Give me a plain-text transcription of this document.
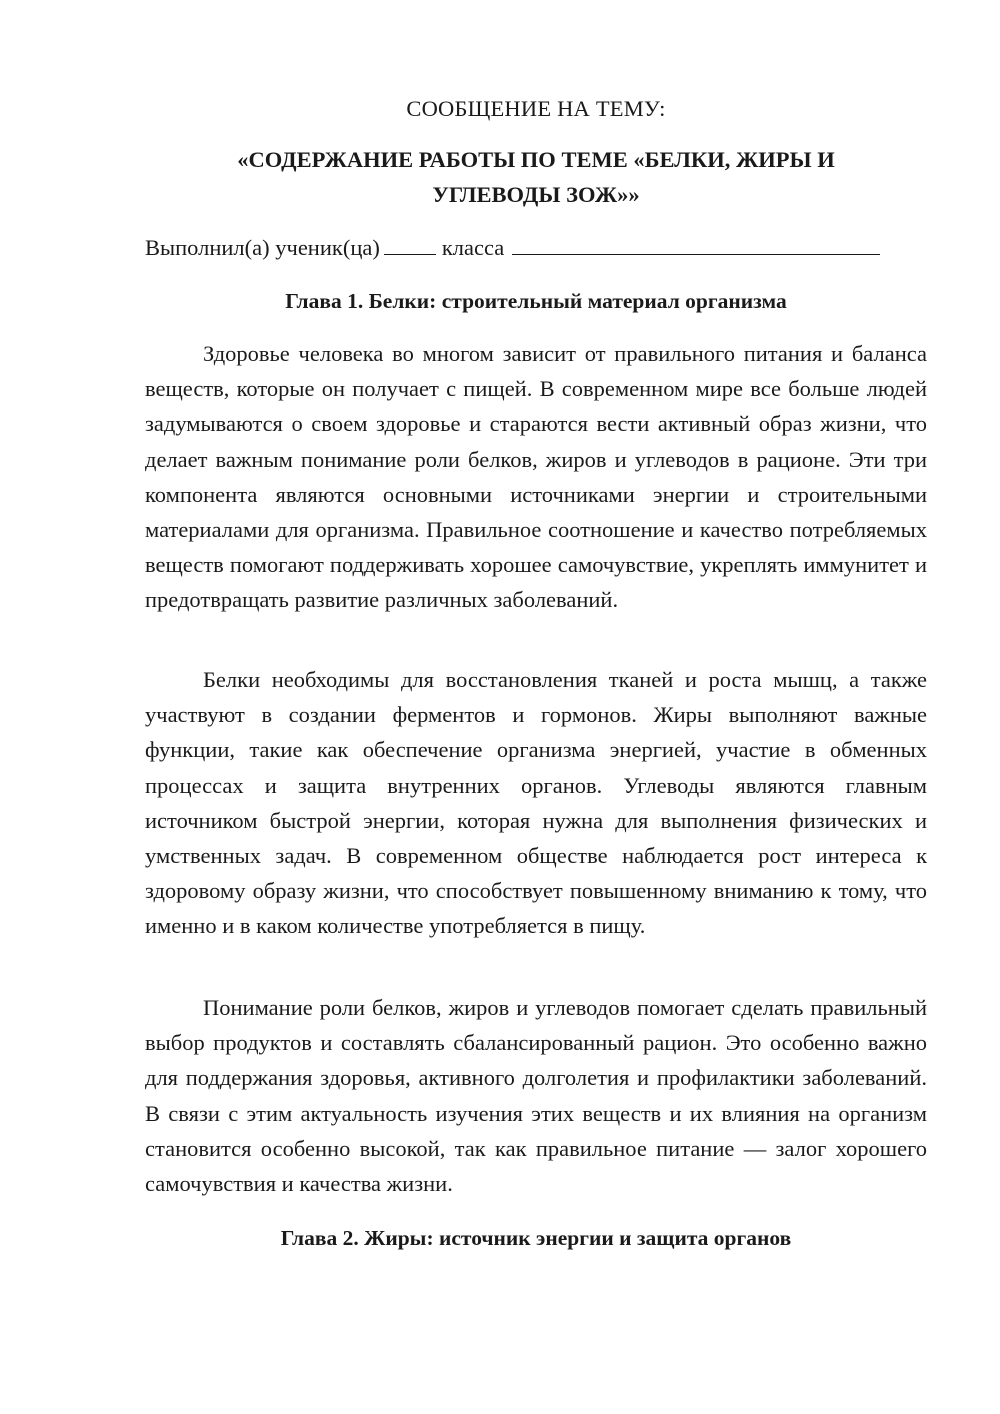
СООБЩЕНИЕ НА ТЕМУ:
«СОДЕРЖАНИЕ РАБОТЫ ПО ТЕМЕ «БЕЛКИ, ЖИРЫ И УГЛЕВОДЫ ЗОЖ»»
Выполнил(а) ученик(ца)	класса
Глава 1. Белки: строительный материал организма

Здоровье человека во многом зависит от правильного питания и баланса веществ, которые он получает с пищей. В современном мире все больше людей задумываются о своем здоровье и стараются вести активный образ жизни, что делает важным понимание роли белков, жиров и углеводов в рационе. Эти три компонента являются основными источниками энергии и строительными материалами для организма. Правильное соотношение и качество потребляемых веществ помогают поддерживать хорошее самочувствие, укреплять иммунитет и предотвращать развитие различных заболеваний.

Белки необходимы для восстановления тканей и роста мышц, а также участвуют в создании ферментов и гормонов. Жиры выполняют важные функции, такие как обеспечение организма энергией, участие в обменных процессах и защита внутренних органов. Углеводы являются главным источником быстрой энергии, которая нужна для выполнения физических и умственных задач. В современном обществе наблюдается рост интереса к здоровому образу жизни, что способствует повышенному вниманию к тому, что именно и в каком количестве употребляется в пищу.

Понимание роли белков, жиров и углеводов помогает сделать правильный выбор продуктов и составлять сбалансированный рацион. Это особенно важно для поддержания здоровья, активного долголетия и профилактики заболеваний. В связи с этим актуальность изучения этих веществ и их влияния на организм становится особенно высокой, так как правильное питание — залог хорошего самочувствия и качества жизни.

Глава 2. Жиры: источник энергии и защита органов
